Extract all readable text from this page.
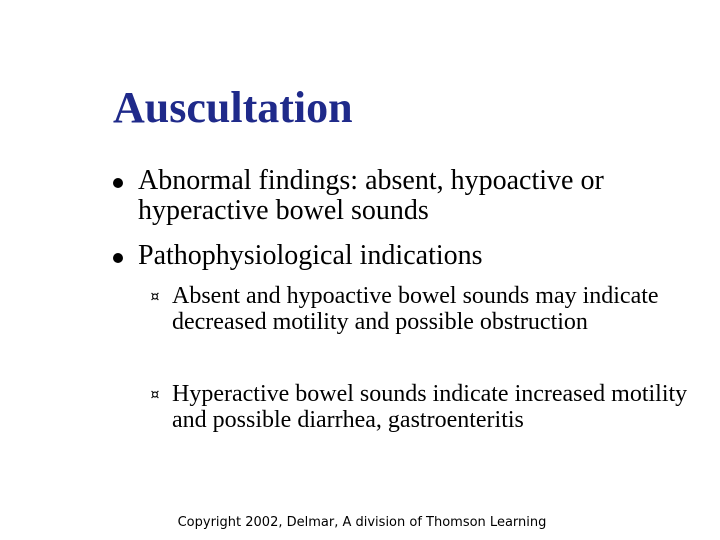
Auscultation
Abnormal findings: absent, hypoactive or hyperactive bowel sounds
Pathophysiological indications
¤ Absent and hypoactive bowel sounds may indicate decreased motility and possible obstruction
¤ Hyperactive bowel sounds indicate increased motility and possible diarrhea, gastroenteritis
Copyright 2002, Delmar, A division of Thomson Learning
